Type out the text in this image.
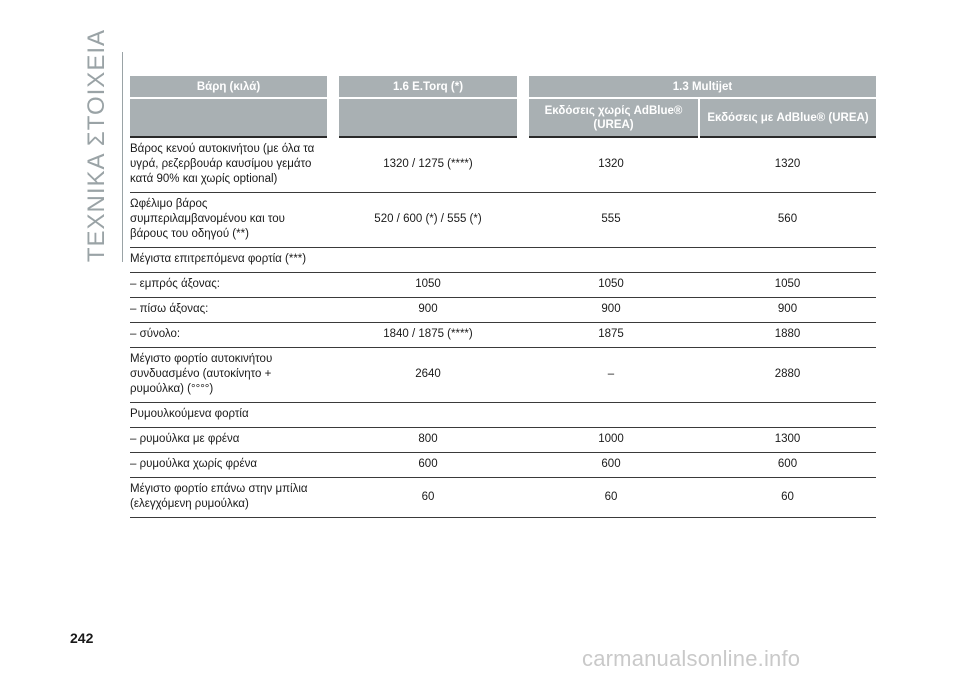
ΤΕΧΝΙΚΑ ΣΤΟΙΧΕΙΑ	Βάρη (κιλά)	1.6 E.Torq (*)	1.3 Multijet	
		Εκδόσεις χωρίς AdBlue® (UREA)	Εκδόσεις με AdBlue® (UREA)
Βάρος κενού αυτοκινήτου (με όλα τα υγρά, ρεζερβουάρ καυσίμου γεμάτο κατά 90% και χωρίς optional)	1320 / 1275 (****)	1320	1320
Ωφέλιμο βάρος συμπεριλαμβανομένου και του βάρους του οδηγού (**)	520 / 600 (*) / 555 (*)	555	560
Μέγιστα επιτρεπόμενα φορτία (***)			
– εμπρός άξονας:	1050	1050	1050
– πίσω άξονας:	900	900	900
– σύνολο:	1840 / 1875 (****)	1875	1880
Μέγιστο φορτίο αυτοκινήτου συνδυασμένο (αυτοκίνητο + ρυμούλκα) (°°°°)	2640	–	2880
Ρυμουλκούμενα φορτία			
– ρυμούλκα με φρένα	800	1000	1300
– ρυμούλκα χωρίς φρένα	600	600	600
Μέγιστο φορτίο επάνω στην μπίλια (ελεγχόμενη ρυμούλκα)	60	60	60
242
carmanualsonline.info
